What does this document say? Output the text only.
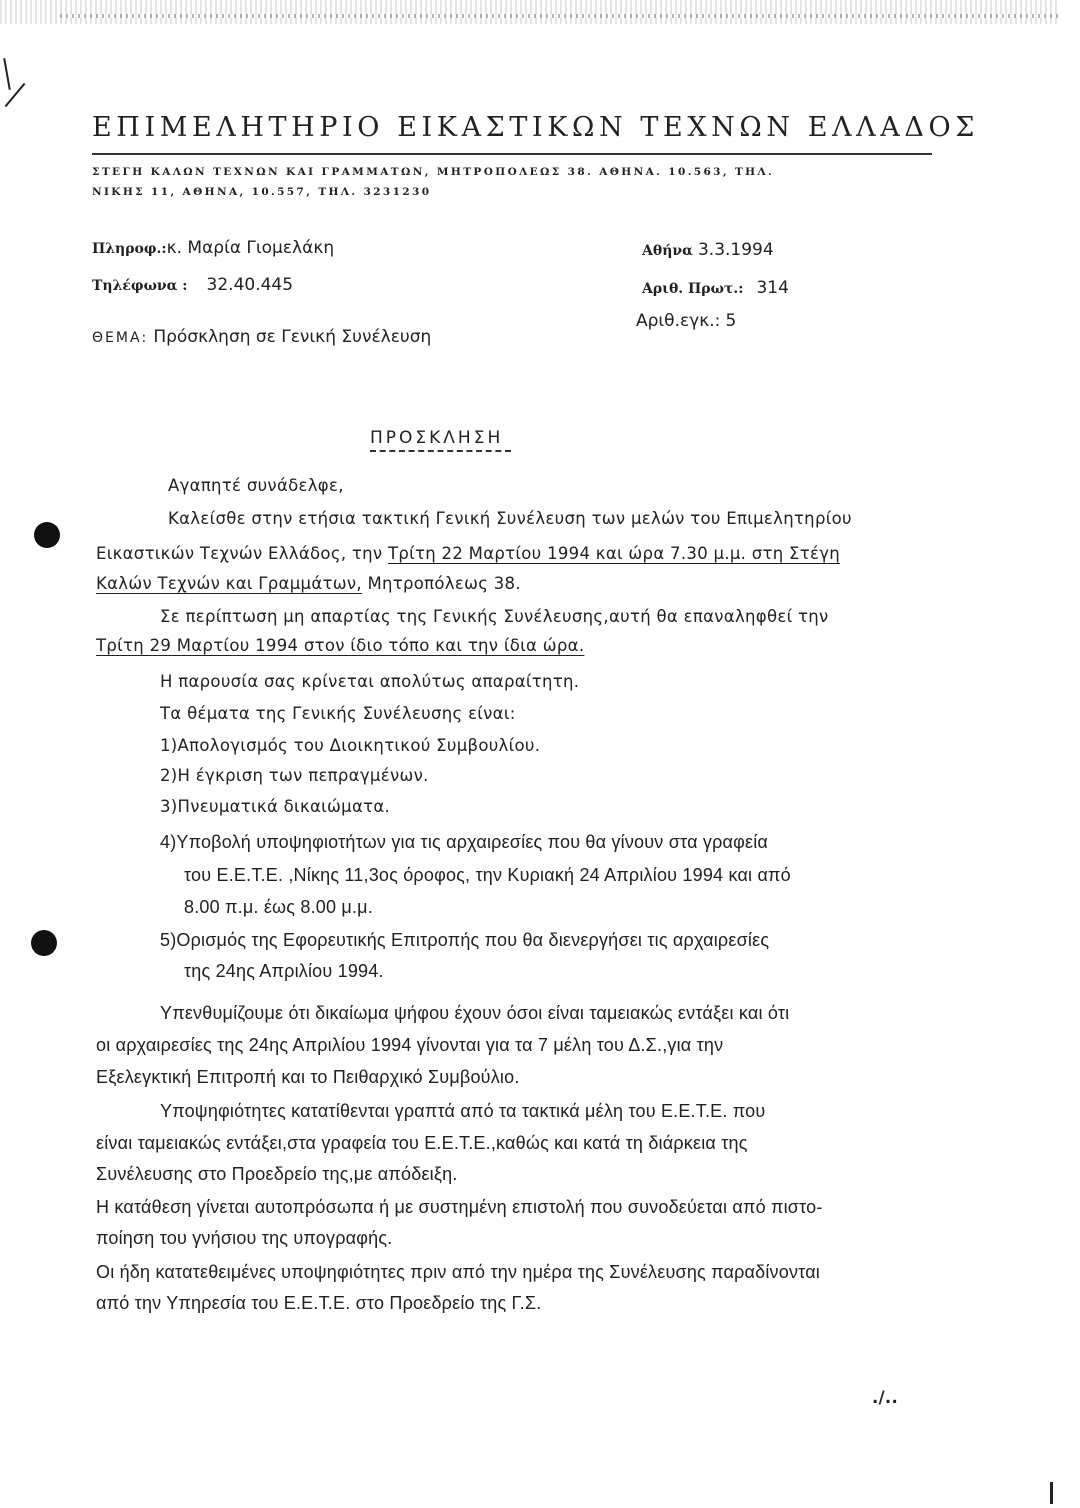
ΕΠΙΜΕΛΗΤΗΡΙΟ ΕΙΚΑΣΤΙΚΩΝ ΤΕΧΝΩΝ ΕΛΛΑΔΟΣ
ΣΤΕΓΗ ΚΑΛΩΝ ΤΕΧΝΩΝ ΚΑΙ ΓΡΑΜΜΑΤΩΝ, ΜΗΤΡΟΠΟΛΕΩΣ 38. ΑΘΗΝΑ. 10.563, ΤΗΛ.
ΝΙΚΗΣ 11, ΑΘΗΝΑ, 10.557, ΤΗΛ. 3231230
Πληροφ.:κ. Μαρία Γιομελάκη
Τηλέφωνα : 32.40.445
ΘΕΜΑ: Πρόσκληση σε Γενική Συνέλευση
Αθήνα 3.3.1994
Αριθ. Πρωτ.: 314
Αριθ.εγκ.: 5
ΠΡΟΣΚΛΗΣΗ
Αγαπητέ συνάδελφε,
Καλείσθε στην ετήσια τακτική Γενική Συνέλευση των μελών του Επιμελητηρίου
Εικαστικών Τεχνών Ελλάδος, την Τρίτη 22 Μαρτίου 1994 και ώρα 7.30 μ.μ. στη Στέγη
Καλών Τεχνών και Γραμμάτων, Μητροπόλεως 38.
Σε περίπτωση μη απαρτίας της Γενικής Συνέλευσης,αυτή θα επαναληφθεί την
Τρίτη 29 Μαρτίου 1994 στον ίδιο τόπο και την ίδια ώρα.
Η παρουσία σας κρίνεται απολύτως απαραίτητη.
Τα θέματα της Γενικής Συνέλευσης είναι:
1)Απολογισμός του Διοικητικού Συμβουλίου.
2)Η έγκριση των πεπραγμένων.
3)Πνευματικά δικαιώματα.
4)Υποβολή υποψηφιοτήτων για τις αρχαιρεσίες που θα γίνουν στα γραφεία
του Ε.Ε.Τ.Ε. ,Νίκης 11,3ος όροφος, την Κυριακή 24 Απριλίου 1994 και από
8.00 π.μ. έως 8.00 μ.μ.
5)Ορισμός της Εφορευτικής Επιτροπής που θα διενεργήσει τις αρχαιρεσίες
της 24ης Απριλίου 1994.
Υπενθυμίζουμε ότι δικαίωμα ψήφου έχουν όσοι είναι ταμειακώς εντάξει και ότι
οι αρχαιρεσίες της 24ης Απριλίου 1994 γίνονται για τα 7 μέλη του Δ.Σ.,για την
Εξελεγκτική Επιτροπή και το Πειθαρχικό Συμβούλιο.
Υποψηφιότητες κατατίθενται γραπτά από τα τακτικά μέλη του Ε.Ε.Τ.Ε. που
είναι ταμειακώς εντάξει,στα γραφεία του Ε.Ε.Τ.Ε.,καθώς και κατά τη διάρκεια της
Συνέλευσης στο Προεδρείο της,με απόδειξη.
Η κατάθεση γίνεται αυτοπρόσωπα ή με συστημένη επιστολή που συνοδεύεται από πιστο-
ποίηση του γνήσιου της υπογραφής.
Οι ήδη κατατεθειμένες υποψηφιότητες πριν από την ημέρα της Συνέλευσης παραδίνονται
από την Υπηρεσία του Ε.Ε.Τ.Ε. στο Προεδρείο της Γ.Σ.
./..
